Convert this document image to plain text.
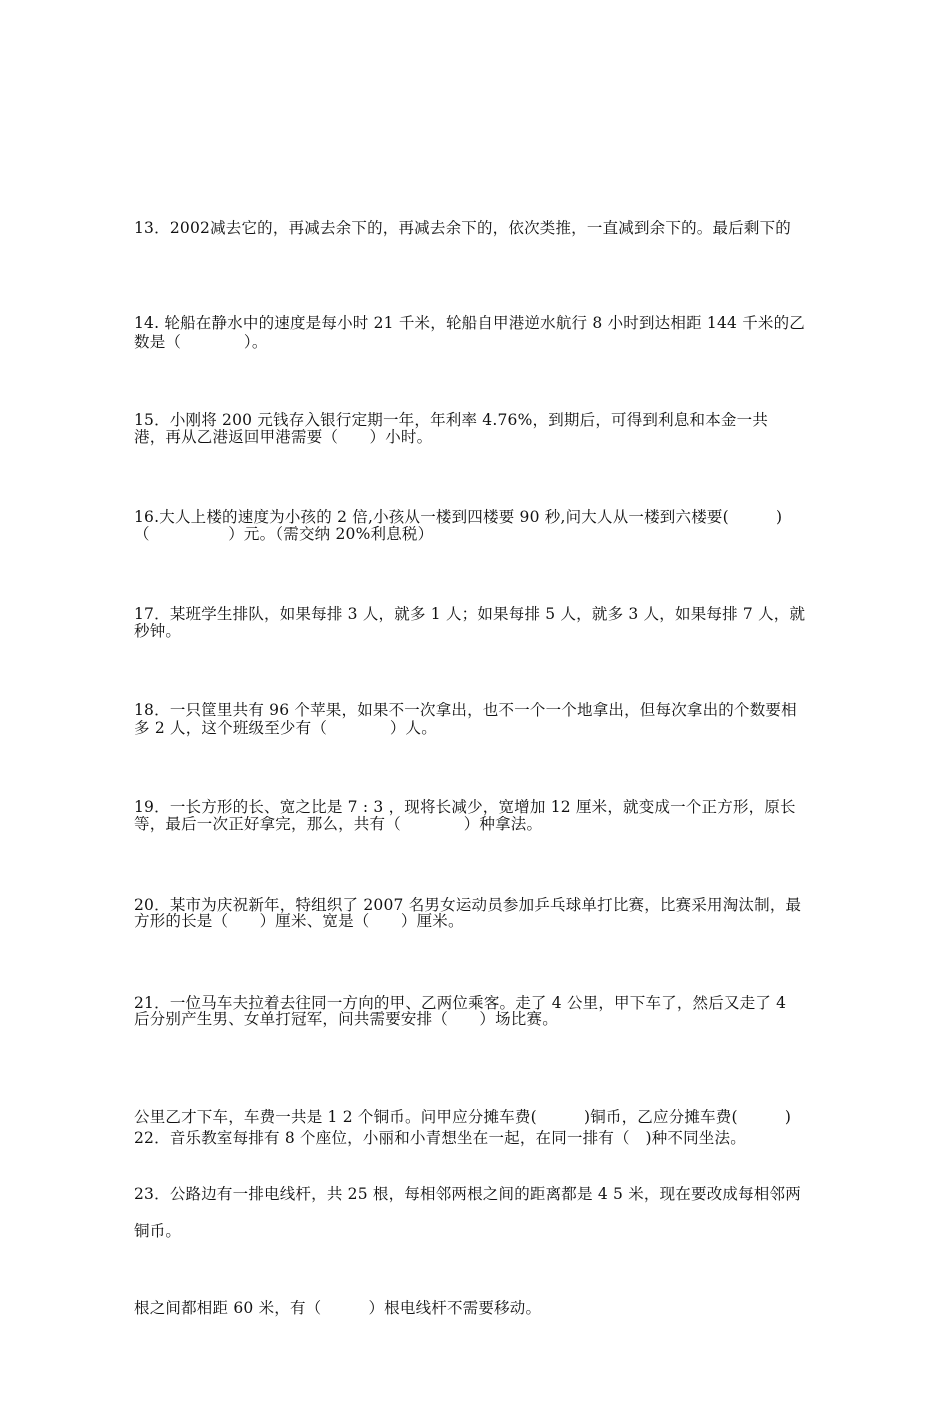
13．2002减去它的，再减去余下的，再减去余下的，依次类推，一直减到余下的。最后剩下的

数是（　　　　）。

14. 轮船在静水中的速度是每小时 21 千米，轮船自甲港逆水航行 8 小时到达相距 144 千米的乙

港，再从乙港返回甲港需要（　　）小时。

15．小刚将 200 元钱存入银行定期一年，年利率 4.76%，到期后，可得到利息和本金一共

（　　　　　）元。（需交纳 20%利息税）

16.大人上楼的速度为小孩的 2 倍,小孩从一楼到四楼要 90 秒,问大人从一楼到六楼要(　　　)

秒钟。

17．某班学生排队，如果每排 3 人，就多 1 人；如果每排 5 人，就多 3 人，如果每排 7 人，就

多 2 人，这个班级至少有（　　　　）人。

18．一只筐里共有 96 个苹果，如果不一次拿出，也不一个一个地拿出，但每次拿出的个数要相

等，最后一次正好拿完，那么，共有（　　　　）种拿法。

19．一长方形的长、宽之比是 7 : 3 ，现将长减少，宽增加 12 厘米，就变成一个正方形，原长

方形的长是（　　）厘米、宽是（　　）厘米。

20．某市为庆祝新年，特组织了 2007 名男女运动员参加乒乓球单打比赛，比赛采用淘汰制，最

后分别产生男、女单打冠军，问共需要安排（　　）场比赛。

21．一位马车夫拉着去往同一方向的甲、乙两位乘客。走了 4 公里，甲下车了，然后又走了 4

公里乙才下车，车费一共是 1 2 个铜币。问甲应分摊车费(　　　)铜币，乙应分摊车费(　　　)

铜币。

22．音乐教室每排有 8 个座位，小丽和小青想坐在一起，在同一排有（　)种不同坐法。

23．公路边有一排电线杆，共 25 根，每相邻两根之间的距离都是 4 5 米，现在要改成每相邻两

根之间都相距 60 米，有（　　　）根电线杆不需要移动。
